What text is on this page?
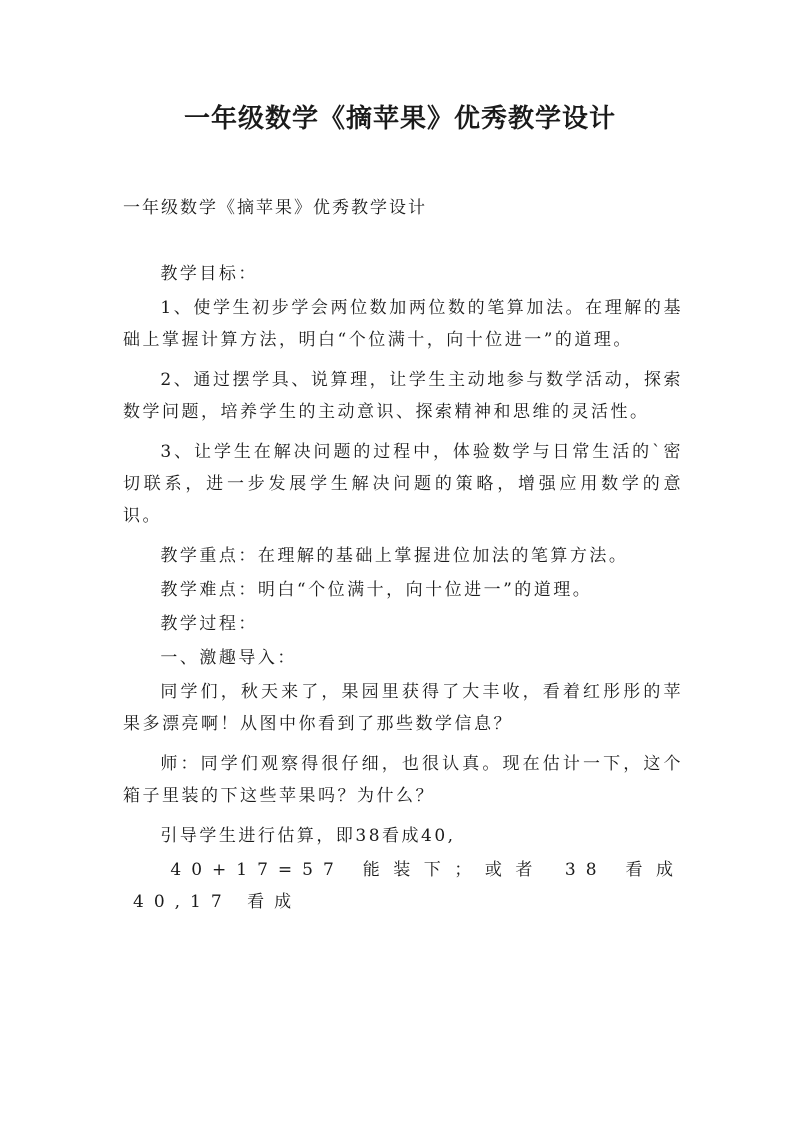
一年级数学《摘苹果》优秀教学设计
一年级数学《摘苹果》优秀教学设计

教学目标：

1、使学生初步学会两位数加两位数的笔算加法。在理解的基础上掌握计算方法，明白“个位满十，向十位进一”的道理。

2、通过摆学具、说算理，让学生主动地参与数学活动，探索数学问题，培养学生的主动意识、探索精神和思维的灵活性。

3、让学生在解决问题的过程中，体验数学与日常生活的`密切联系，进一步发展学生解决问题的策略，增强应用数学的意识。

教学重点：在理解的基础上掌握进位加法的笔算方法。

教学难点：明白“个位满十，向十位进一”的道理。

教学过程：

一、激趣导入：

同学们，秋天来了，果园里获得了大丰收，看着红彤彤的苹果多漂亮啊！从图中你看到了那些数学信息？

师：同学们观察得很仔细，也很认真。现在估计一下，这个箱子里装的下这些苹果吗？为什么？

引导学生进行估算，即38看成40,

40+17=57 能装下；或者 38 看成 40,17 看成
